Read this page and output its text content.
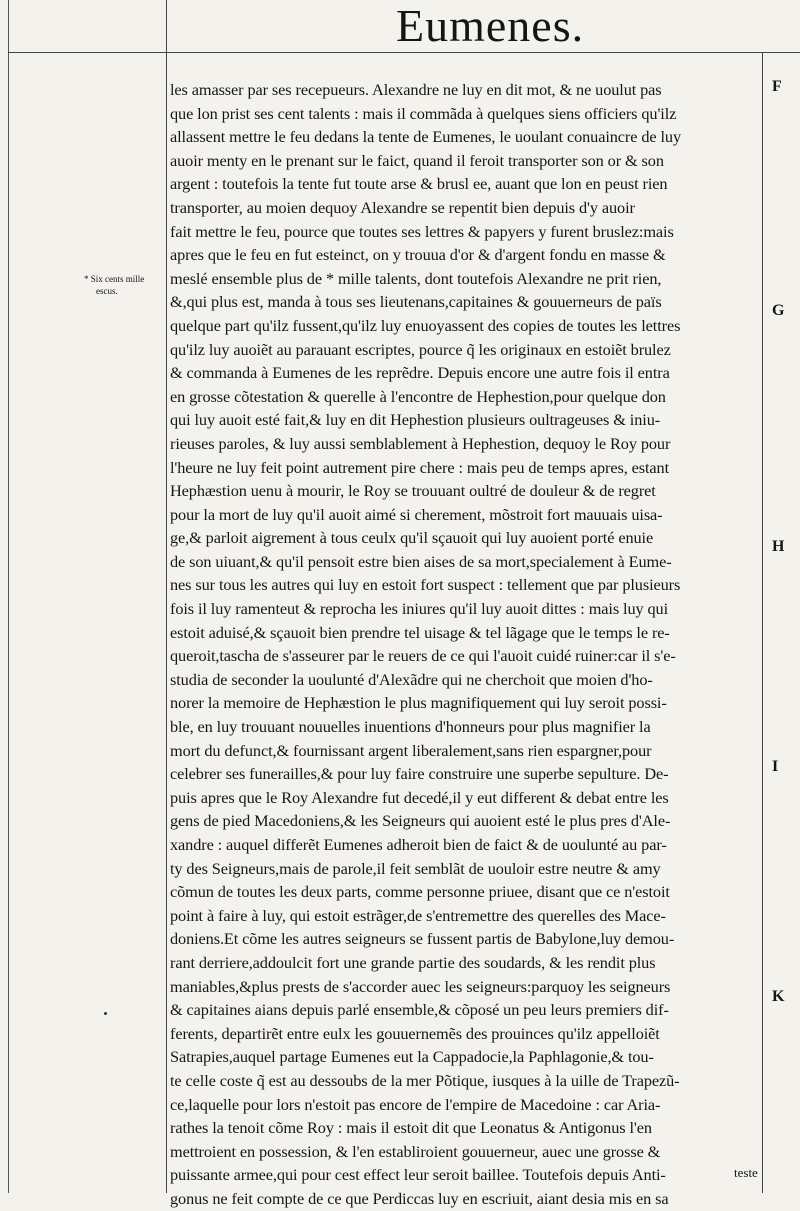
Eumenes.
* Six cents mille
escus.
les amasser par ses recepueurs. Alexandre ne luy en dit mot, & ne uoulut pas
que lon prist ses cent talents : mais il commãda à quelques siens officiers qu'ilz
allassent mettre le feu dedans la tente de Eumenes, le uoulant conuaincre de luy
auoir menty en le prenant sur le faict, quand il feroit transporter son or & son
argent : toutefois la tente fut toute arse & brusl ee, auant que lon en peust rien
transporter, au moien dequoy Alexandre se repentit bien depuis d'y auoir
fait mettre le feu, pource que toutes ses lettres & papyers y furent bruslez:mais
apres que le feu en fut esteinct, on y trouua d'or & d'argent fondu en masse &
meslé ensemble plus de * mille talents, dont toutefois Alexandre ne prit rien,
&,qui plus est, manda à tous ses lieutenans,capitaines & gouuerneurs de païs
quelque part qu'ilz fussent,qu'ilz luy enuoyassent des copies de toutes les lettres
qu'ilz luy auoiẽt au parauant escriptes, pource q̃ les originaux en estoiẽt brulez
& commanda à Eumenes de les reprẽdre. Depuis encore une autre fois il entra
en grosse cõtestation & querelle à l'encontre de Hephestion,pour quelque don
qui luy auoit esté fait,& luy en dit Hephestion plusieurs oultrageuses & iniu-
rieuses paroles, & luy aussi semblablement à Hephestion, dequoy le Roy pour
l'heure ne luy feit point autrement pire chere : mais peu de temps apres, estant
Hephæstion uenu à mourir, le Roy se trouuant oultré de douleur & de regret
pour la mort de luy qu'il auoit aimé si cherement, mõstroit fort mauuais uisa-
ge,& parloit aigrement à tous ceulx qu'il sçauoit qui luy auoient porté enuie
de son uiuant,& qu'il pensoit estre bien aises de sa mort,specialement à Eume-
nes sur tous les autres qui luy en estoit fort suspect : tellement que par plusieurs
fois il luy ramenteut & reprocha les iniures qu'il luy auoit dittes : mais luy qui
estoit aduisé,& sçauoit bien prendre tel uisage & tel lãgage que le temps le re-
queroit,tascha de s'asseurer par le reuers de ce qui l'auoit cuidé ruiner:car il s'e-
studia de seconder la uoulunté d'Alexãdre qui ne cherchoit que moien d'ho-
norer la memoire de Hephæstion le plus magnifiquement qui luy seroit possi-
ble, en luy trouuant nouuelles inuentions d'honneurs pour plus magnifier la
mort du defunct,& fournissant argent liberalement,sans rien espargner,pour
celebrer ses funerailles,& pour luy faire construire une superbe sepulture. De-
puis apres que le Roy Alexandre fut decedé,il y eut different & debat entre les
gens de pied Macedoniens,& les Seigneurs qui auoient esté le plus pres d'Ale-
xandre : auquel differẽt Eumenes adheroit bien de faict & de uoulunté au par-
ty des Seigneurs,mais de parole,il feit semblãt de uouloir estre neutre & amy
cõmun de toutes les deux parts, comme personne priuee, disant que ce n'estoit
point à faire à luy, qui estoit estrãger,de s'entremettre des querelles des Mace-
doniens.Et cõme les autres seigneurs se fussent partis de Babylone,luy demou-
rant derriere,addoulcit fort une grande partie des soudards, & les rendit plus
maniables,&plus prests de s'accorder auec les seigneurs:parquoy les seigneurs
& capitaines aians depuis parlé ensemble,& cõposé un peu leurs premiers dif-
ferents, departirẽt entre eulx les gouuernemẽs des prouinces qu'ilz appelloiẽt
Satrapies,auquel partage Eumenes eut la Cappadocie,la Paphlagonie,& tou-
te celle coste q̃ est au dessoubs de la mer Põtique, iusques à la uille de Trapezũ-
ce,laquelle pour lors n'estoit pas encore de l'empire de Macedoine : car Aria-
rathes la tenoit cõme Roy : mais il estoit dit que Leonatus & Antigonus l'en
mettroient en possession, & l'en establiroient gouuerneur, auec une grosse &
puissante armee,qui pour cest effect leur seroit baillee. Toutefois depuis Anti-
gonus ne feit compte de ce que Perdiccas luy en escriuit, aiant desia mis en sa
F
G
H
I
K
teste
